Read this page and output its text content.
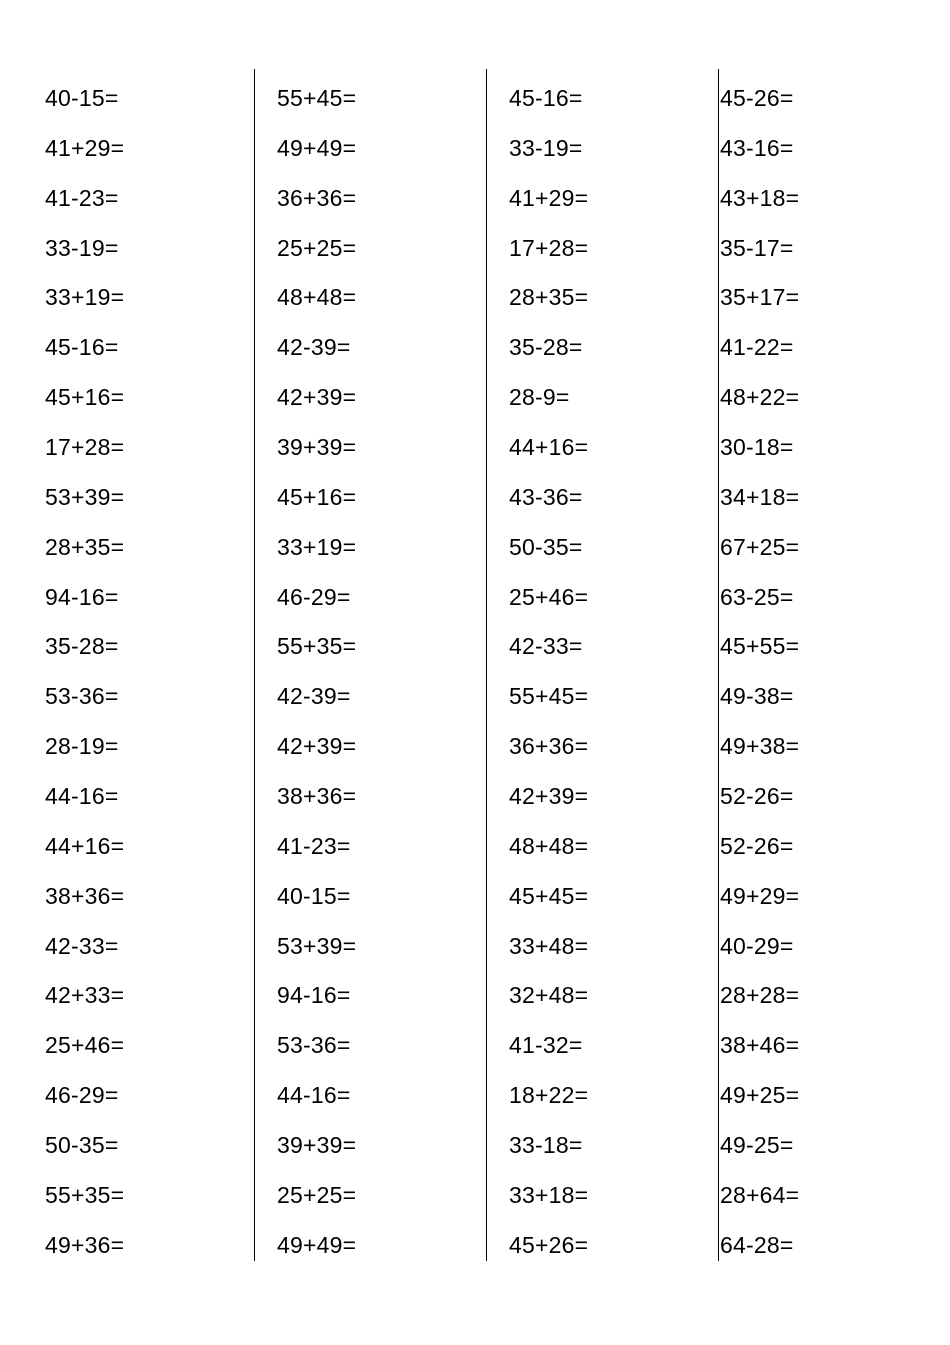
40-15=
41+29=
41-23=
33-19=
33+19=
45-16=
45+16=
17+28=
53+39=
28+35=
94-16=
35-28=
53-36=
28-19=
44-16=
44+16=
38+36=
42-33=
42+33=
25+46=
46-29=
50-35=
55+35=
49+36=
55+45=
49+49=
36+36=
25+25=
48+48=
42-39=
42+39=
39+39=
45+16=
33+19=
46-29=
55+35=
42-39=
42+39=
38+36=
41-23=
40-15=
53+39=
94-16=
53-36=
44-16=
39+39=
25+25=
49+49=
45-16=
33-19=
41+29=
17+28=
28+35=
35-28=
28-9=
44+16=
43-36=
50-35=
25+46=
42-33=
55+45=
36+36=
42+39=
48+48=
45+45=
33+48=
32+48=
41-32=
18+22=
33-18=
33+18=
45+26=
45-26=
43-16=
43+18=
35-17=
35+17=
41-22=
48+22=
30-18=
34+18=
67+25=
63-25=
45+55=
49-38=
49+38=
52-26=
52-26=
49+29=
40-29=
28+28=
38+46=
49+25=
49-25=
28+64=
64-28=
